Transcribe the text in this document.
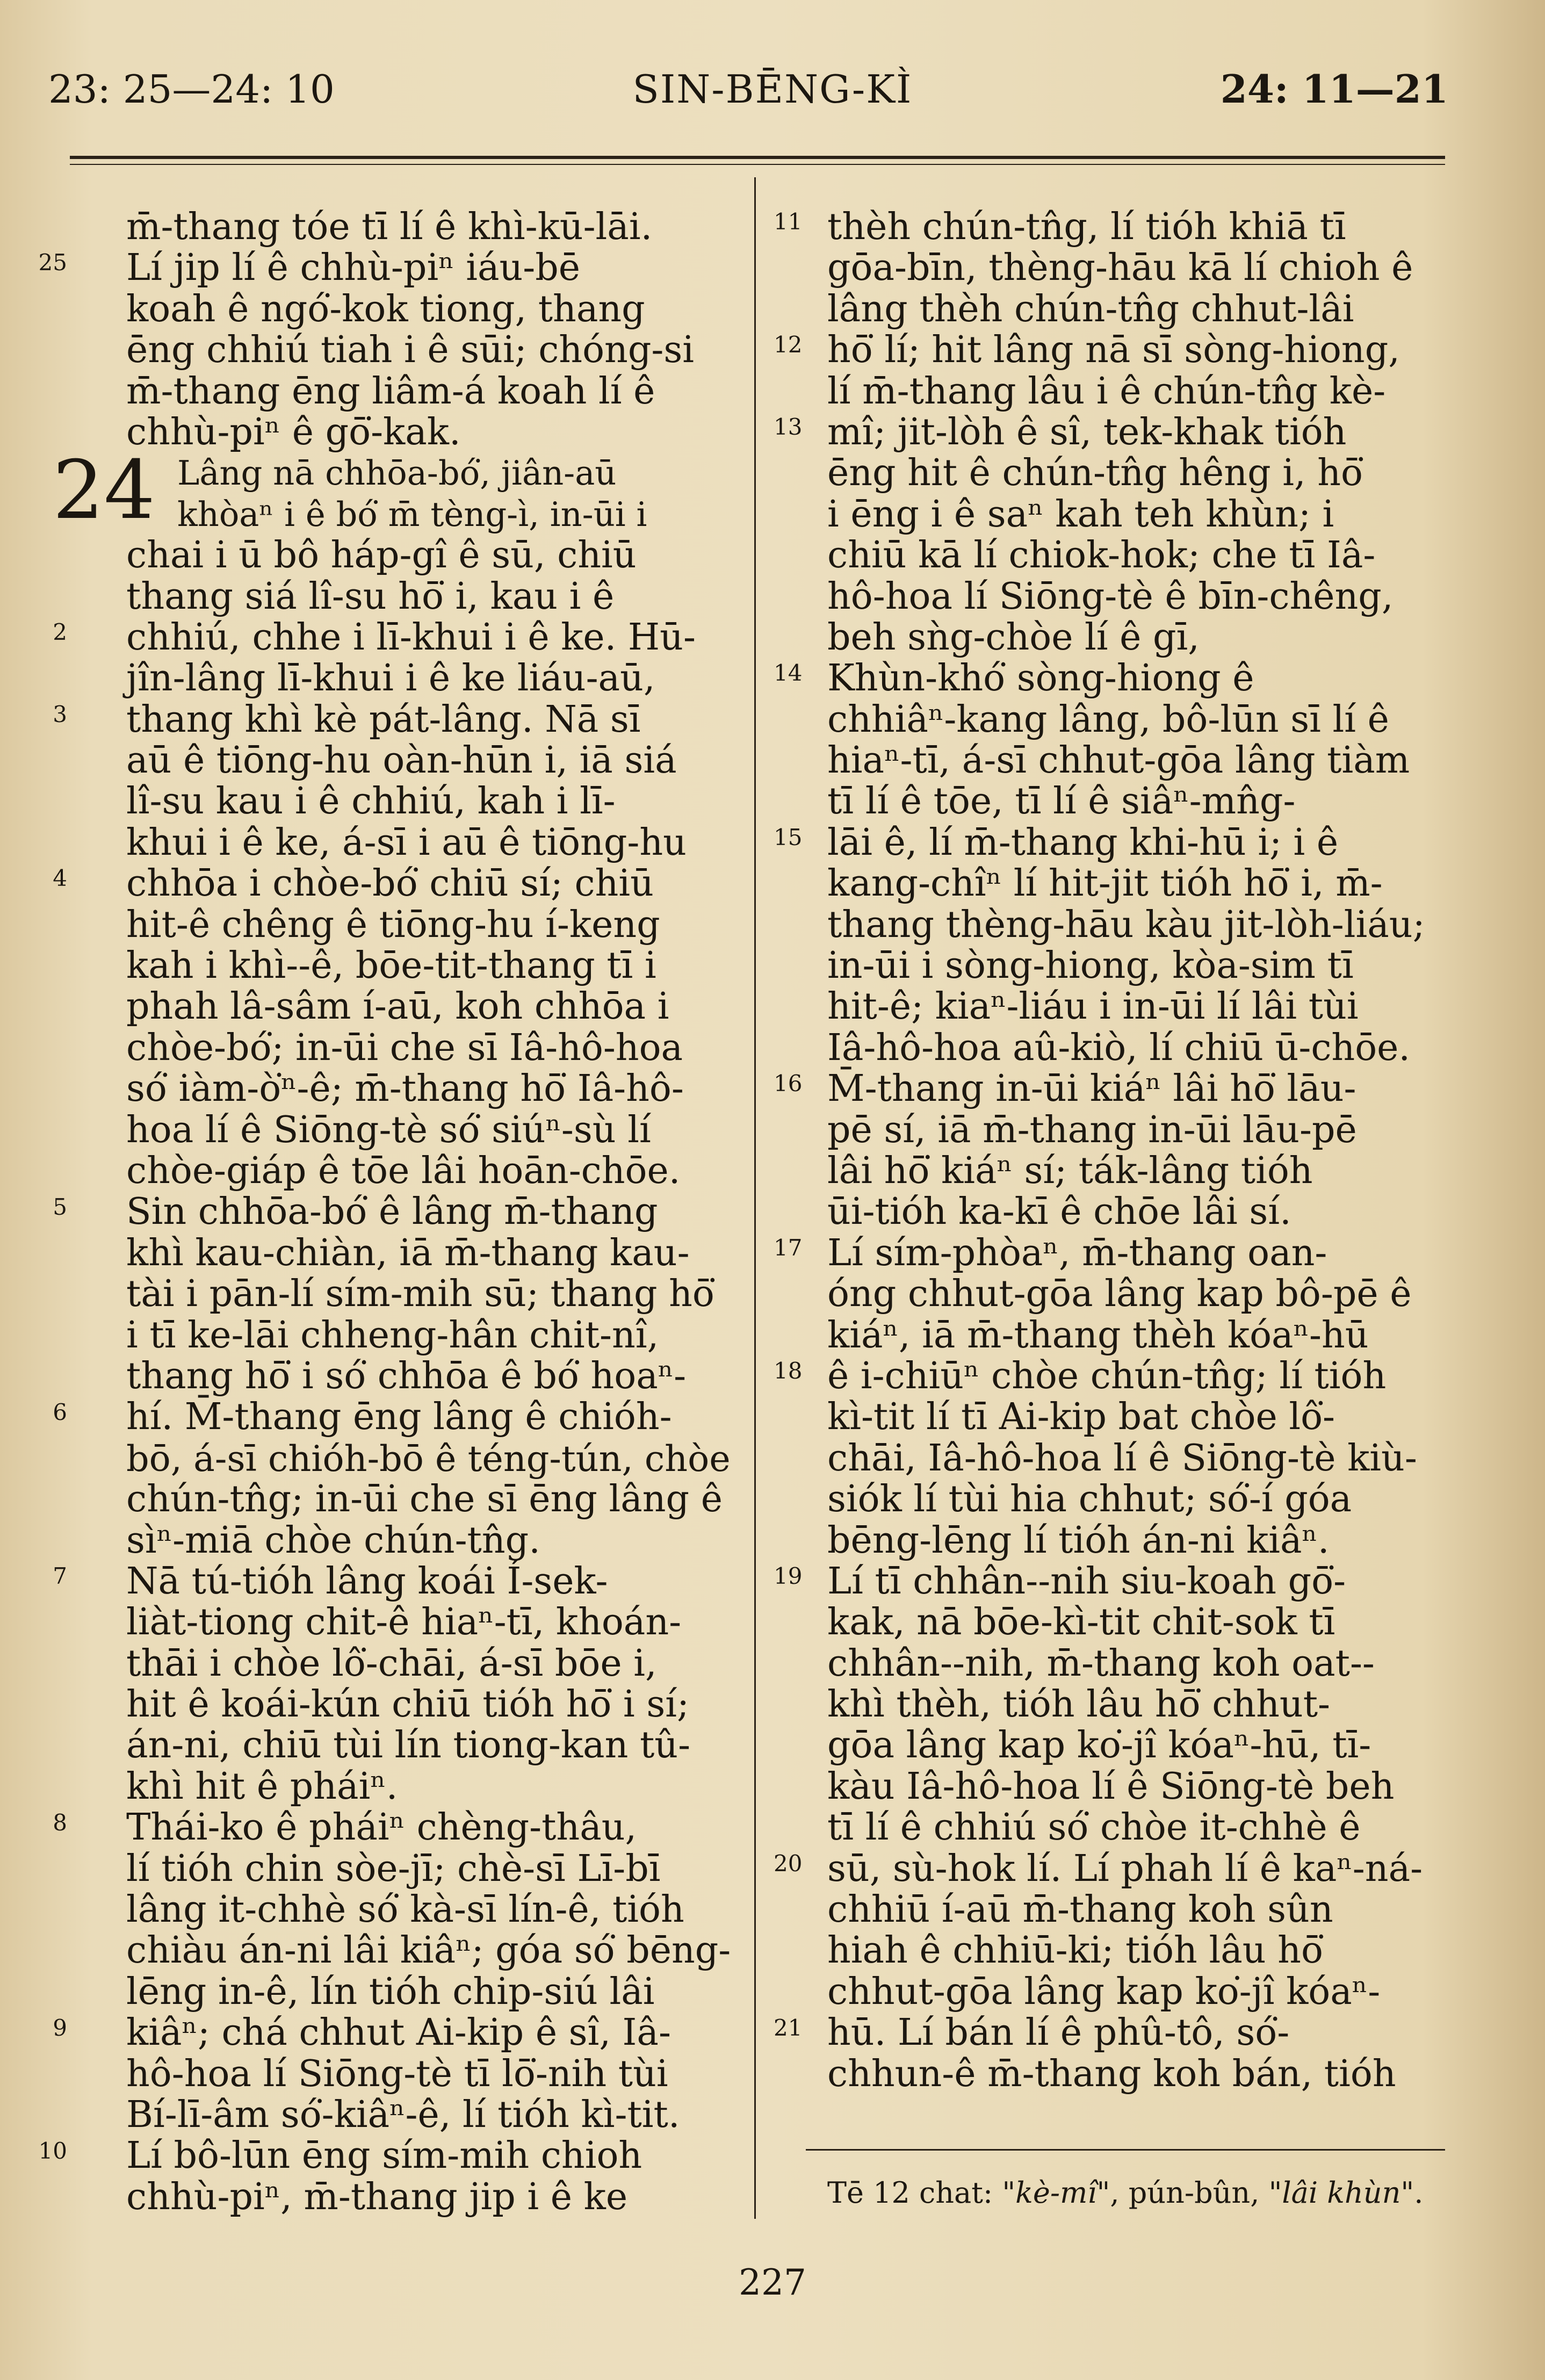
23: 25—24: 10	SIN-BĒNG-KÌ	24: 11—21
24
m̄-thang tóe tī lí ê khì-kū-lāi.
Lí jip lí ê chhù-piⁿ iáu-bē
koah ê ngó͘-kok tiong, thang
ēng chhiú tiah i ê sūi; chóng-si
m̄-thang ēng liâm-á koah lí ê
chhù-piⁿ ê gō͘-kak.
Lâng nā chhōa-bó͘, jiân-aū
khòaⁿ i ê bó͘ m̄ tèng-ì, in-ūi i
chai i ū bô háp-gî ê sū, chiū
thang siá lî-su hō͘ i, kau i ê
chhiú, chhe i lī-khui i ê ke. Hū-
jîn-lâng lī-khui i ê ke liáu-aū,
thang khì kè pát-lâng. Nā sī
aū ê tiōng-hu oàn-hūn i, iā siá
lî-su kau i ê chhiú, kah i lī-
khui i ê ke, á-sī i aū ê tiōng-hu
chhōa i chòe-bó͘ chiū sí; chiū
hit-ê chêng ê tiōng-hu í-keng
kah i khì--ê, bōe-tit-thang tī i
phah lâ-sâm í-aū, koh chhōa i
chòe-bó͘; in-ūi che sī Iâ-hô-hoa
só͘ iàm-ò͘ⁿ-ê; m̄-thang hō͘ Iâ-hô-
hoa lí ê Siōng-tè só͘ siúⁿ-sù lí
chòe-giáp ê tōe lâi hoān-chōe.
Sin chhōa-bó͘ ê lâng m̄-thang
khì kau-chiàn, iā m̄-thang kau-
tài i pān-lí sím-mih sū; thang hō͘
i tī ke-lāi chheng-hân chit-nî,
thang hō͘ i só͘ chhōa ê bó͘ hoaⁿ-
hí. M̄-thang ēng lâng ê chióh-
bō, á-sī chióh-bō ê téng-tún, chòe
chún-tn̂g; in-ūi che sī ēng lâng ê
sìⁿ-miā chòe chún-tn̂g.
Nā tú-tióh lâng koái Í-sek-
liàt-tiong chit-ê hiaⁿ-tī, khoán-
thāi i chòe lô͘-chāi, á-sī bōe i,
hit ê koái-kún chiū tióh hō͘ i sí;
án-ni, chiū tùi lín tiong-kan tû-
khì hit ê pháiⁿ.
Thái-ko ê pháiⁿ chèng-thâu,
lí tióh chin sòe-jī; chè-sī Lī-bī
lâng it-chhè só͘ kà-sī lín-ê, tióh
chiàu án-ni lâi kiâⁿ; góa só͘ bēng-
lēng in-ê, lín tióh chip-siú lâi
kiâⁿ; chá chhut Ai-kip ê sî, Iâ-
hô-hoa lí Siōng-tè tī lō͘-nih tùi
Bí-lī-âm só͘-kiâⁿ-ê, lí tióh kì-tit.
Lí bô-lūn ēng sím-mih chioh
chhù-piⁿ, m̄-thang jip i ê ke
thèh chún-tn̂g, lí tióh khiā tī
gōa-bīn, thèng-hāu kā lí chioh ê
lâng thèh chún-tn̂g chhut-lâi
hō͘ lí; hit lâng nā sī sòng-hiong,
lí m̄-thang lâu i ê chún-tn̂g kè-
mî; jit-lòh ê sî, tek-khak tióh
ēng hit ê chún-tn̂g hêng i, hō͘
i ēng i ê saⁿ kah teh khùn; i
chiū kā lí chiok-hok; che tī Iâ-
hô-hoa lí Siōng-tè ê bīn-chêng,
beh sǹg-chòe lí ê gī,
Khùn-khó͘ sòng-hiong ê
chhiâⁿ-kang lâng, bô-lūn sī lí ê
hiaⁿ-tī, á-sī chhut-gōa lâng tiàm
tī lí ê tōe, tī lí ê siâⁿ-mn̂g-
lāi ê, lí m̄-thang khi-hū i; i ê
kang-chîⁿ lí hit-jit tióh hō͘ i, m̄-
thang thèng-hāu kàu jit-lòh-liáu;
in-ūi i sòng-hiong, kòa-sim tī
hit-ê; kiaⁿ-liáu i in-ūi lí lâi tùi
Iâ-hô-hoa aû-kiò, lí chiū ū-chōe.
M̄-thang in-ūi kiáⁿ lâi hō͘ lāu-
pē sí, iā m̄-thang in-ūi lāu-pē
lâi hō͘ kiáⁿ sí; ták-lâng tióh
ūi-tióh ka-kī ê chōe lâi sí.
Lí sím-phòaⁿ, m̄-thang oan-
óng chhut-gōa lâng kap bô-pē ê
kiáⁿ, iā m̄-thang thèh kóaⁿ-hū
ê i-chiūⁿ chòe chún-tn̂g; lí tióh
kì-tit lí tī Ai-kip bat chòe lô͘-
chāi, Iâ-hô-hoa lí ê Siōng-tè kiù-
siók lí tùi hia chhut; só͘-í góa
bēng-lēng lí tióh án-ni kiâⁿ.
Lí tī chhân--nih siu-koah gō͘-
kak, nā bōe-kì-tit chit-sok tī
chhân--nih, m̄-thang koh oat--
khì thèh, tióh lâu hō͘ chhut-
gōa lâng kap ko͘-jî kóaⁿ-hū, tī-
kàu Iâ-hô-hoa lí ê Siōng-tè beh
tī lí ê chhiú só͘ chòe it-chhè ê
sū, sù-hok lí. Lí phah lí ê kaⁿ-ná-
chhiū í-aū m̄-thang koh sûn
hiah ê chhiū-ki; tióh lâu hō͘
chhut-gōa lâng kap ko͘-jî kóaⁿ-
hū. Lí bán lí ê phû-tô, só͘-
chhun-ê m̄-thang koh bán, tióh
Tē 12 chat: "kè-mî", pún-bûn, "lâi khùn".
227
25
2
3
4
5
6
7
8
9
10
11
12
13
14
15
16
17
18
19
20
21
